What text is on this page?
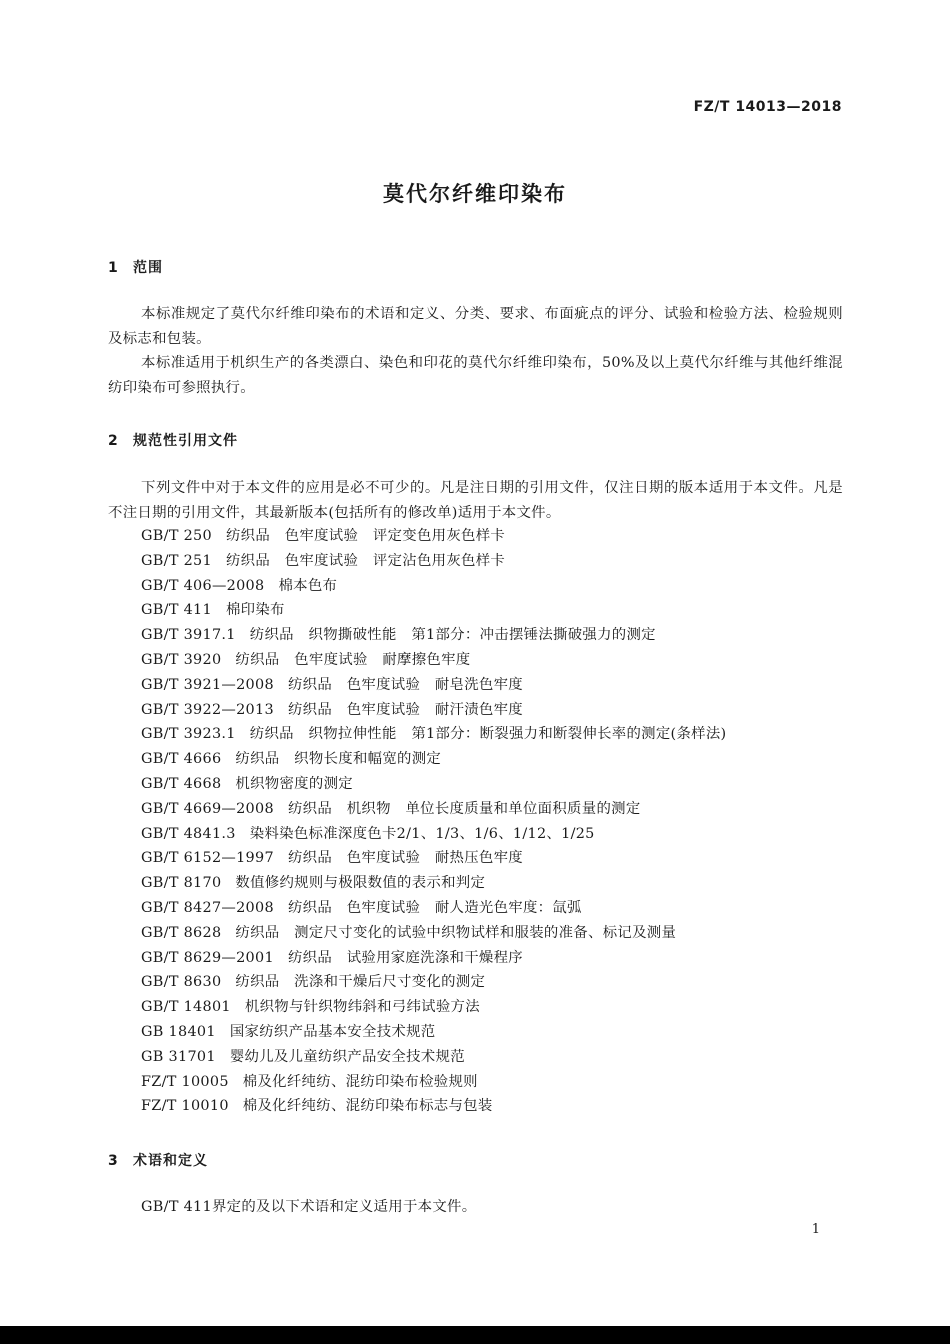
FZ/T 14013—2018
莫代尔纤维印染布
1 范围

本标准规定了莫代尔纤维印染布的术语和定义、分类、要求、布面疵点的评分、试验和检验方法、检验规则及标志和包装。

本标准适用于机织生产的各类漂白、染色和印花的莫代尔纤维印染布，50%及以上莫代尔纤维与其他纤维混纺印染布可参照执行。

2 规范性引用文件

下列文件中对于本文件的应用是必不可少的。凡是注日期的引用文件，仅注日期的版本适用于本文件。凡是不注日期的引用文件，其最新版本(包括所有的修改单)适用于本文件。

GB/T 250 纺织品　色牢度试验　评定变色用灰色样卡
GB/T 251 纺织品　色牢度试验　评定沾色用灰色样卡
GB/T 406—2008 棉本色布
GB/T 411 棉印染布
GB/T 3917.1 纺织品　织物撕破性能　第1部分：冲击摆锤法撕破强力的测定
GB/T 3920 纺织品　色牢度试验　耐摩擦色牢度
GB/T 3921—2008 纺织品　色牢度试验　耐皂洗色牢度
GB/T 3922—2013 纺织品　色牢度试验　耐汗渍色牢度
GB/T 3923.1 纺织品　织物拉伸性能　第1部分：断裂强力和断裂伸长率的测定(条样法)
GB/T 4666 纺织品　织物长度和幅宽的测定
GB/T 4668 机织物密度的测定
GB/T 4669—2008 纺织品　机织物　单位长度质量和单位面积质量的测定
GB/T 4841.3 染料染色标准深度色卡2/1、1/3、1/6、1/12、1/25
GB/T 6152—1997 纺织品　色牢度试验　耐热压色牢度
GB/T 8170 数值修约规则与极限数值的表示和判定
GB/T 8427—2008 纺织品　色牢度试验　耐人造光色牢度：氙弧
GB/T 8628 纺织品　测定尺寸变化的试验中织物试样和服装的准备、标记及测量
GB/T 8629—2001 纺织品　试验用家庭洗涤和干燥程序
GB/T 8630 纺织品　洗涤和干燥后尺寸变化的测定
GB/T 14801 机织物与针织物纬斜和弓纬试验方法
GB 18401 国家纺织产品基本安全技术规范
GB 31701 婴幼儿及儿童纺织产品安全技术规范
FZ/T 10005 棉及化纤纯纺、混纺印染布检验规则
FZ/T 10010 棉及化纤纯纺、混纺印染布标志与包装
3 术语和定义

GB/T 411界定的及以下术语和定义适用于本文件。

1
